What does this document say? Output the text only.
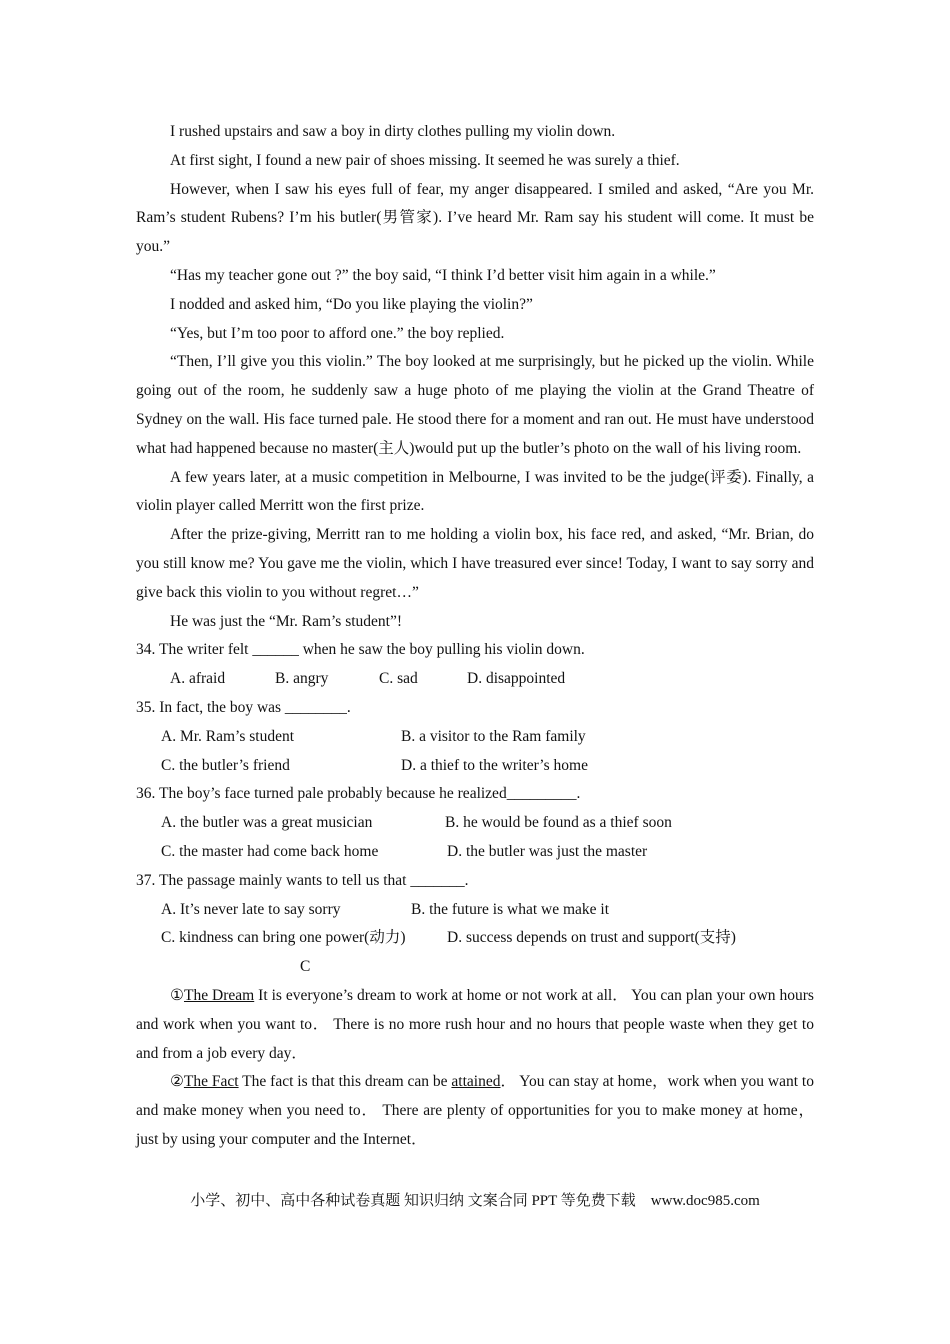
I rushed upstairs and saw a boy in dirty clothes pulling my violin down.

At first sight, I found a new pair of shoes missing. It seemed he was surely a thief.

However, when I saw his eyes full of fear, my anger disappeared. I smiled and asked, “Are you Mr. Ram’s student Rubens? I’m his butler(男管家). I’ve heard Mr. Ram say his student will come. It must be you.”

“Has my teacher gone out ?” the boy said, “I think I’d better visit him again in a while.”

I nodded and asked him, “Do you like playing the violin?”

“Yes, but I’m too poor to afford one.” the boy replied.

“Then, I’ll give you this violin.” The boy looked at me surprisingly, but he picked up the violin. While going out of the room, he suddenly saw a huge photo of me playing the violin at the Grand Theatre of Sydney on the wall. His face turned pale. He stood there for a moment and ran out. He must have understood what had happened because no master(主人)would put up the butler’s photo on the wall of his living room.

A few years later, at a music competition in Melbourne, I was invited to be the judge(评委). Finally, a violin player called Merritt won the first prize.

After the prize-giving, Merritt ran to me holding a violin box, his face red, and asked, “Mr. Brian, do you still know me? You gave me the violin, which I have treasured ever since! Today, I want to say sorry and give back this violin to you without regret…”

He was just the “Mr. Ram’s student”!

34. The writer felt ______ when he saw the boy pulling his violin down.

A. afraid	B. angry	C. sad	D. disappointed

35. In fact, the boy was ________.

A. Mr. Ram’s student	B. a visitor to the Ram family
C. the butler’s friend	D. a thief to the writer’s home

36. The boy’s face turned pale probably because he realized_________.

A. the butler was a great musician	B. he would be found as a thief soon
C. the master had come back home	D. the butler was just the master

37. The passage mainly wants to tell us that _______.

A. It’s never late to say sorry	B. the future is what we make it
C. kindness can bring one power(动力)	D. success depends on trust and support(支持)
C

①The Dream It is everyone’s dream to work at home or not work at all． You can plan your own hours and work when you want to． There is no more rush hour and no hours that people waste when they get to and from a job every day．

②The Fact The fact is that this dream can be attained． You can stay at home，work when you want to and make money when you need to． There are plenty of opportunities for you to make money at home，just by using your computer and the Internet．

小学、初中、高中各种试卷真题 知识归纳 文案合同 PPT 等免费下载　www.doc985.com
